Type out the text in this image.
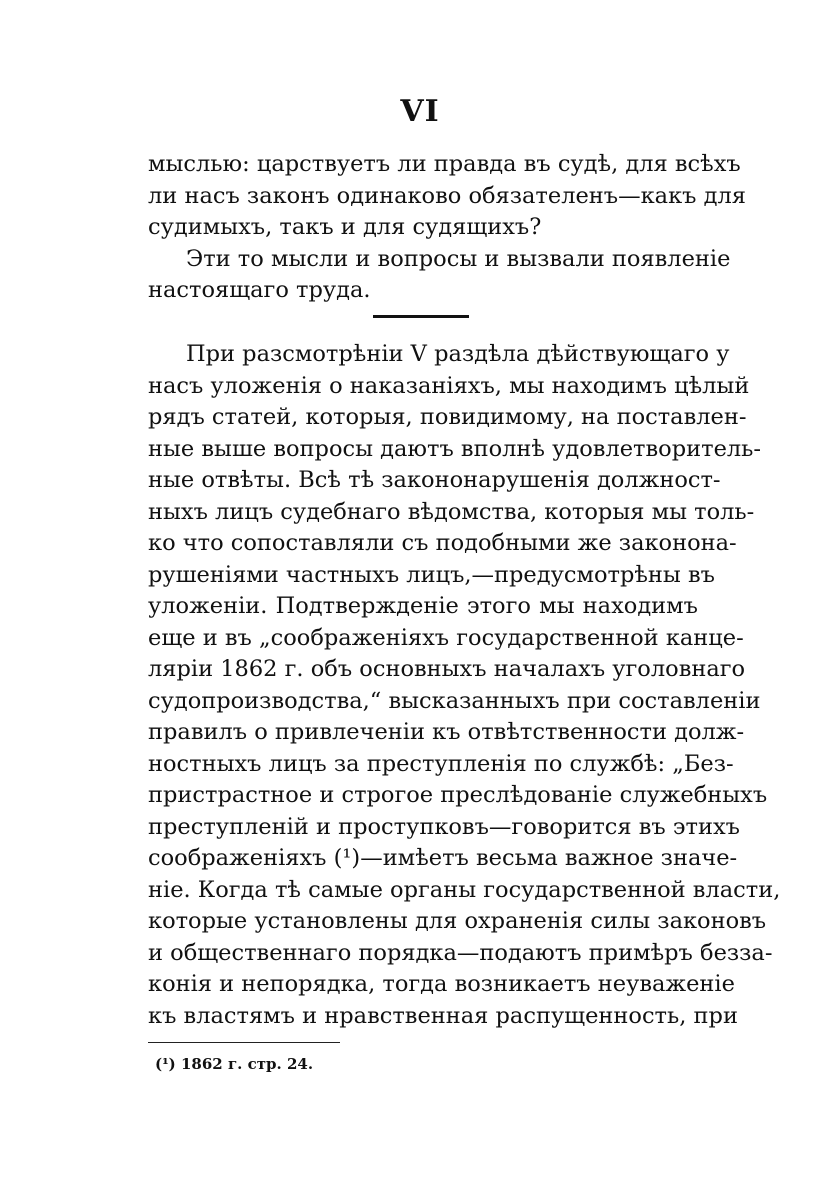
VI
мыслью: царствуетъ ли правда въ судѣ, для всѣхъ
ли насъ законъ одинаково обязателенъ—какъ для
судимыхъ, такъ и для судящихъ?
Эти то мысли и вопросы и вызвали появленіе
настоящаго труда.
При разсмотрѣніи V раздѣла дѣйствующаго у
насъ уложенія о наказаніяхъ, мы находимъ цѣлый
рядъ статей, которыя, повидимому, на поставлен-
ные выше вопросы даютъ вполнѣ удовлетворитель-
ные отвѣты. Всѣ тѣ закононарушенія должност-
ныхъ лицъ судебнаго вѣдомства, которыя мы толь-
ко что сопоставляли съ подобными же законона-
рушеніями частныхъ лицъ,—предусмотрѣны въ
уложеніи. Подтвержденіе этого мы находимъ
еще и въ „соображеніяхъ государственной канце-
ляріи 1862 г. объ основныхъ началахъ уголовнаго
судопроизводства,“ высказанныхъ при составленіи
правилъ о привлеченіи къ отвѣтственности долж-
ностныхъ лицъ за преступленія по службѣ: „Без-
пристрастное и строгое преслѣдованіе служебныхъ
преступленій и проступковъ—говорится въ этихъ
соображеніяхъ (¹)—имѣетъ весьма важное значе-
ніе. Когда тѣ самые органы государственной власти,
которые установлены для охраненія силы законовъ
и общественнаго порядка—подаютъ примѣръ безза-
конія и непорядка, тогда возникаетъ неуваженіе
къ властямъ и нравственная распущенность, при
(¹) 1862 г. стр. 24.
